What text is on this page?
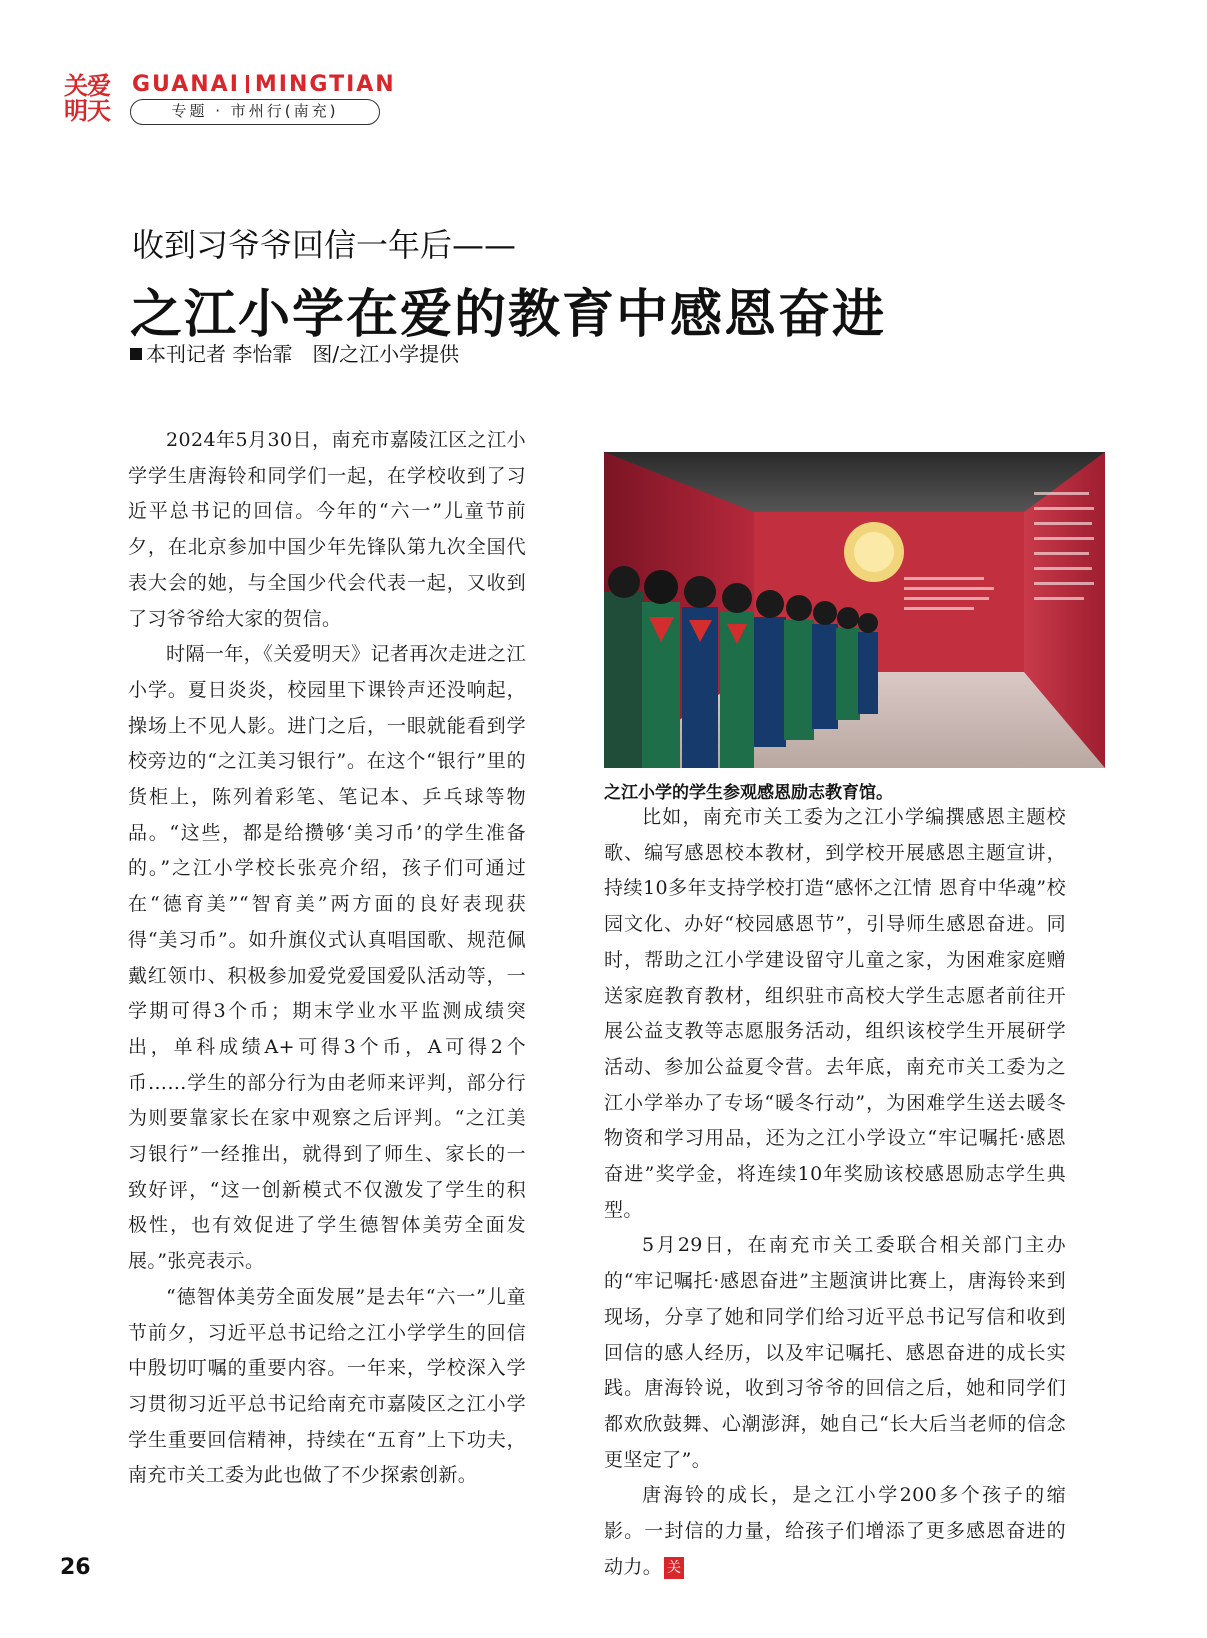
关爱
明天
GUANAI MINGTIAN
专题 · 市州行(南充)
收到习爷爷回信一年后——
之江小学在爱的教育中感恩奋进
本刊记者 李怡霏　图/之江小学提供

2024年5月30日，南充市嘉陵江区之江小学学生唐海铃和同学们一起，在学校收到了习近平总书记的回信。今年的“六一”儿童节前夕，在北京参加中国少年先锋队第九次全国代表大会的她，与全国少代会代表一起，又收到了习爷爷给大家的贺信。

时隔一年，《关爱明天》记者再次走进之江小学。夏日炎炎，校园里下课铃声还没响起，操场上不见人影。进门之后，一眼就能看到学校旁边的“之江美习银行”。在这个“银行”里的货柜上，陈列着彩笔、笔记本、乒乓球等物品。“这些，都是给攒够‘美习币’的学生准备的。”之江小学校长张亮介绍，孩子们可通过在“德育美”“智育美”两方面的良好表现获得“美习币”。如升旗仪式认真唱国歌、规范佩戴红领巾、积极参加爱党爱国爱队活动等，一学期可得3个币；期末学业水平监测成绩突出，单科成绩A+可得3个币，A可得2个币……学生的部分行为由老师来评判，部分行为则要靠家长在家中观察之后评判。“之江美习银行”一经推出，就得到了师生、家长的一致好评，“这一创新模式不仅激发了学生的积极性，也有效促进了学生德智体美劳全面发展。”张亮表示。

“德智体美劳全面发展”是去年“六一”儿童节前夕，习近平总书记给之江小学学生的回信中殷切叮嘱的重要内容。一年来，学校深入学习贯彻习近平总书记给南充市嘉陵区之江小学学生重要回信精神，持续在“五育”上下功夫，南充市关工委为此也做了不少探索创新。

之江小学的学生参观感恩励志教育馆。

比如，南充市关工委为之江小学编撰感恩主题校歌、编写感恩校本教材，到学校开展感恩主题宣讲，持续10多年支持学校打造“感怀之江情 恩育中华魂”校园文化、办好“校园感恩节”，引导师生感恩奋进。同时，帮助之江小学建设留守儿童之家，为困难家庭赠送家庭教育教材，组织驻市高校大学生志愿者前往开展公益支教等志愿服务活动，组织该校学生开展研学活动、参加公益夏令营。去年底，南充市关工委为之江小学举办了专场“暖冬行动”，为困难学生送去暖冬物资和学习用品，还为之江小学设立“牢记嘱托·感恩奋进”奖学金，将连续10年奖励该校感恩励志学生典型。

5月29日，在南充市关工委联合相关部门主办的“牢记嘱托·感恩奋进”主题演讲比赛上，唐海铃来到现场，分享了她和同学们给习近平总书记写信和收到回信的感人经历，以及牢记嘱托、感恩奋进的成长实践。唐海铃说，收到习爷爷的回信之后，她和同学们都欢欣鼓舞、心潮澎湃，她自己“长大后当老师的信念更坚定了”。

唐海铃的成长，是之江小学200多个孩子的缩影。一封信的力量，给孩子们增添了更多感恩奋进的动力。 关

26
